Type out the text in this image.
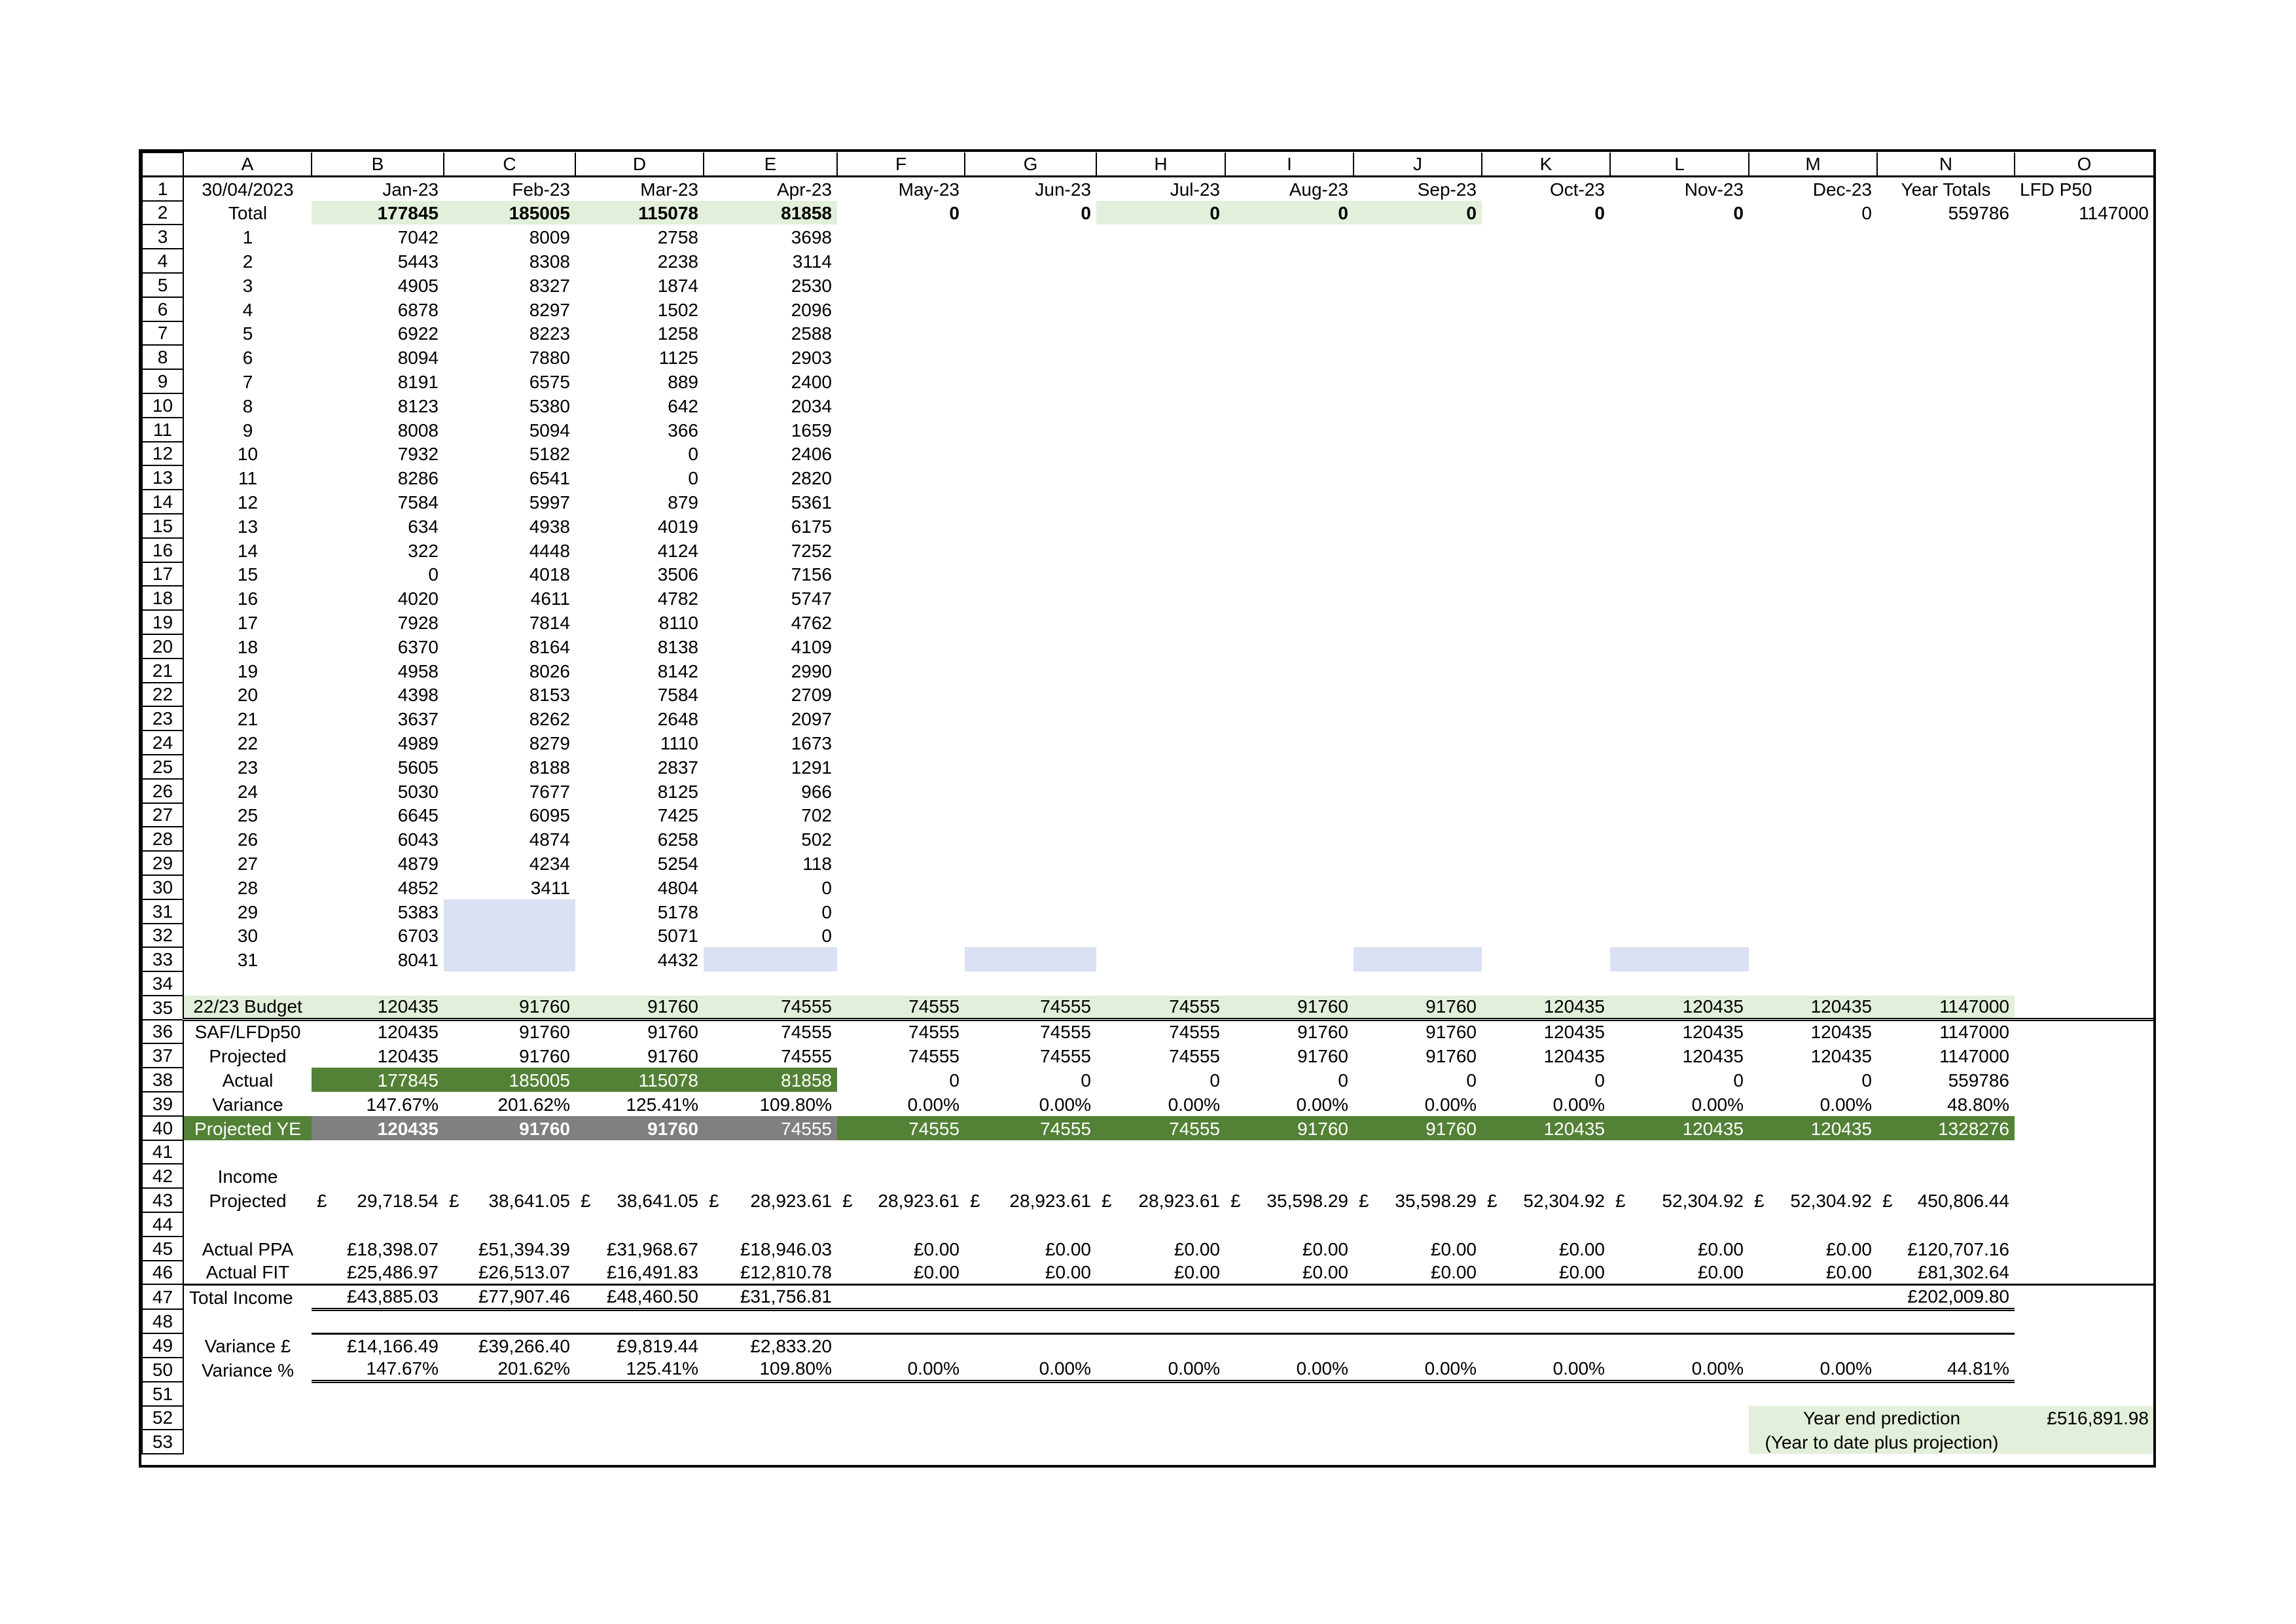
	A	B	C	D	E	F	G	H	I	J	K	L	M	N	O
1	30/04/2023	Jan-23	Feb-23	Mar-23	Apr-23	May-23	Jun-23	Jul-23	Aug-23	Sep-23	Oct-23	Nov-23	Dec-23	Year Totals	LFD P50
2	Total	177845	185005	115078	81858	0	0	0	0	0	0	0	0	559786	1147000
3	1	7042	8009	2758	3698										
4	2	5443	8308	2238	3114										
5	3	4905	8327	1874	2530										
6	4	6878	8297	1502	2096										
7	5	6922	8223	1258	2588										
8	6	8094	7880	1125	2903										
9	7	8191	6575	889	2400										
10	8	8123	5380	642	2034										
11	9	8008	5094	366	1659										
12	10	7932	5182	0	2406										
13	11	8286	6541	0	2820										
14	12	7584	5997	879	5361										
15	13	634	4938	4019	6175										
16	14	322	4448	4124	7252										
17	15	0	4018	3506	7156										
18	16	4020	4611	4782	5747										
19	17	7928	7814	8110	4762										
20	18	6370	8164	8138	4109										
21	19	4958	8026	8142	2990										
22	20	4398	8153	7584	2709										
23	21	3637	8262	2648	2097										
24	22	4989	8279	1110	1673										
25	23	5605	8188	2837	1291										
26	24	5030	7677	8125	966										
27	25	6645	6095	7425	702										
28	26	6043	4874	6258	502										
29	27	4879	4234	5254	118										
30	28	4852	3411	4804	0										
31	29	5383		5178	0										
32	30	6703		5071	0										
33	31	8041		4432											
34															
35	22/23 Budget	120435	91760	91760	74555	74555	74555	74555	91760	91760	120435	120435	120435	1147000	
36	SAF/LFDp50	120435	91760	91760	74555	74555	74555	74555	91760	91760	120435	120435	120435	1147000	
37	Projected	120435	91760	91760	74555	74555	74555	74555	91760	91760	120435	120435	120435	1147000	
38	Actual	177845	185005	115078	81858	0	0	0	0	0	0	0	0	559786	
39	Variance	147.67%	201.62%	125.41%	109.80%	0.00%	0.00%	0.00%	0.00%	0.00%	0.00%	0.00%	0.00%	48.80%	
40	Projected YE	120435	91760	91760	74555	74555	74555	74555	91760	91760	120435	120435	120435	1328276	
41															
42	Income														
43	Projected	£ 29,718.54	£ 38,641.05	£ 38,641.05	£ 28,923.61	£ 28,923.61	£ 28,923.61	£ 28,923.61	£ 35,598.29	£ 35,598.29	£ 52,304.92	£ 52,304.92	£ 52,304.92	£ 450,806.44	

44															
45	Actual PPA	£18,398.07	£51,394.39	£31,968.67	£18,946.03	£0.00	£0.00	£0.00	£0.00	£0.00	£0.00	£0.00	£0.00	£120,707.16	
46	Actual FIT	£25,486.97	£26,513.07	£16,491.83	£12,810.78	£0.00	£0.00	£0.00	£0.00	£0.00	£0.00	£0.00	£0.00	£81,302.64	
47	Total Income	£43,885.03	£77,907.46	£48,460.50	£31,756.81									£202,009.80	
48															
49	Variance £	£14,166.49	£39,266.40	£9,819.44	£2,833.20										
50	Variance %	147.67%	201.62%	125.41%	109.80%	0.00%	0.00%	0.00%	0.00%	0.00%	0.00%	0.00%	0.00%	44.81%	
51															
52													Year end prediction		£516,891.98
53													(Year to date plus projection)		
